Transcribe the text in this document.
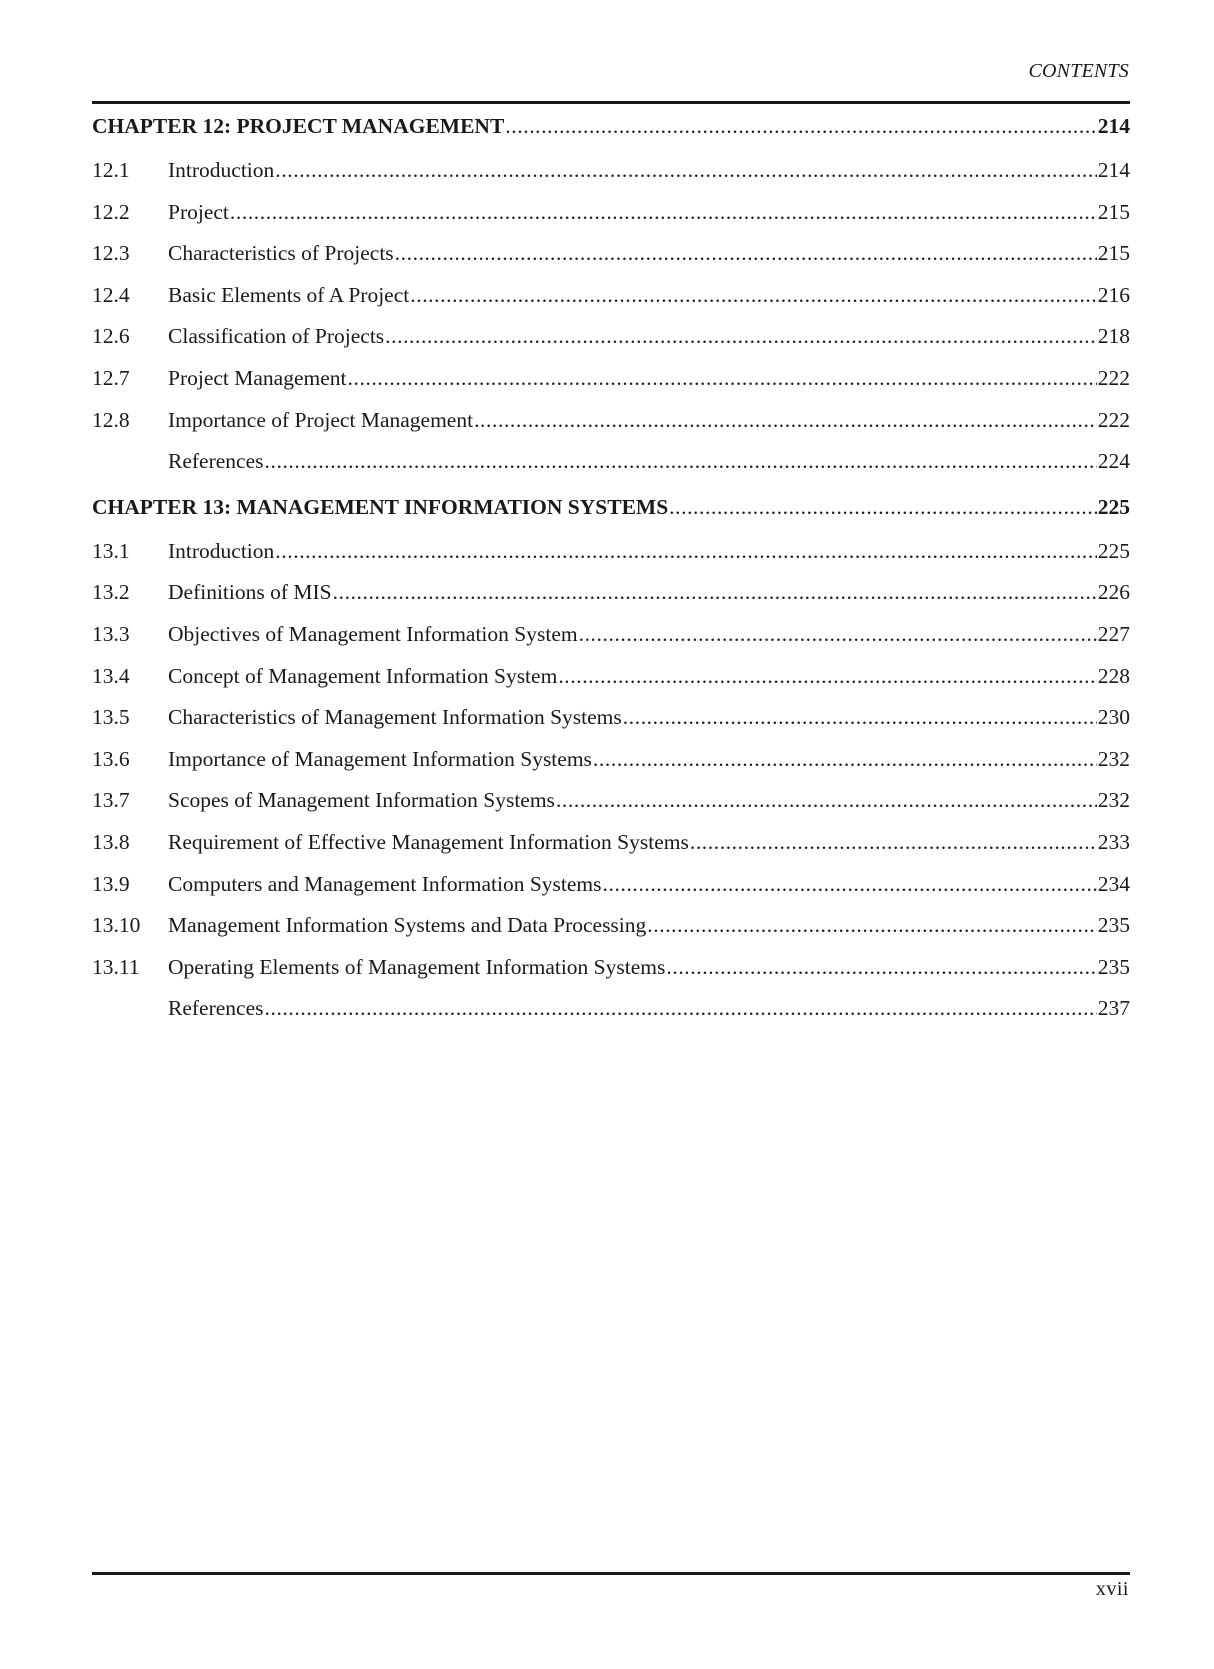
CONTENTS
CHAPTER 12: PROJECT MANAGEMENT .....	214
12.1	Introduction .....	214
12.2	Project .....	215
12.3	Characteristics of Projects .....	215
12.4	Basic Elements of A Project .....	216
12.6	Classification of Projects .....	218
12.7	Project Management .....	222
12.8	Importance of Project Management .....	222
References .....	224
CHAPTER 13: MANAGEMENT INFORMATION SYSTEMS .....	225
13.1	Introduction .....	225
13.2	Definitions of MIS .....	226
13.3	Objectives of Management Information System .....	227
13.4	Concept of Management Information System .....	228
13.5	Characteristics of Management Information Systems .....	230
13.6	Importance of Management Information Systems .....	232
13.7	Scopes of Management Information Systems .....	232
13.8	Requirement of Effective Management Information Systems .....	233
13.9	Computers and Management Information Systems .....	234
13.10	Management Information Systems and Data Processing .....	235
13.11	Operating Elements of Management Information Systems .....	235
References .....	237
xvii
